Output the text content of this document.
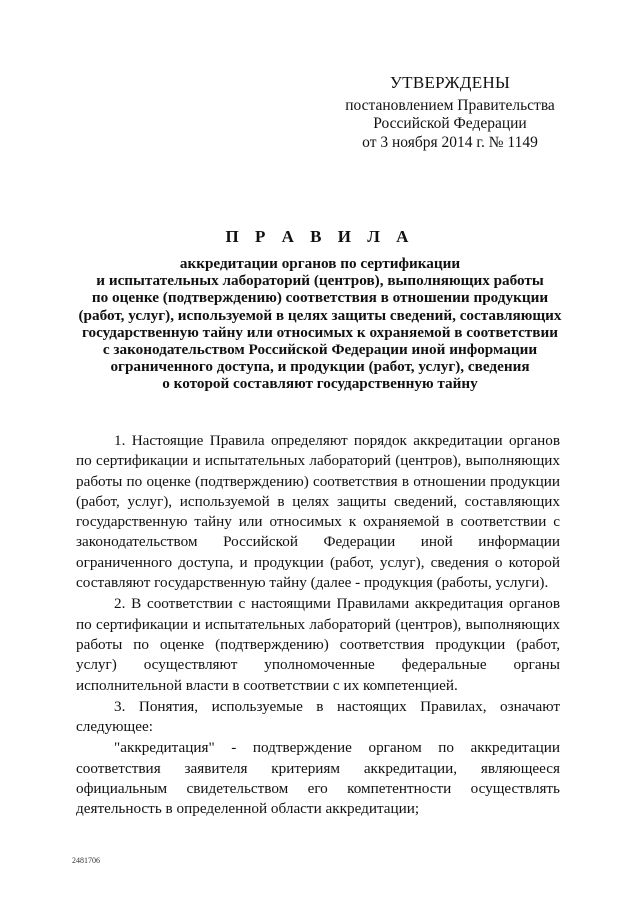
УТВЕРЖДЕНЫ
постановлением Правительства
Российской Федерации
от 3 ноября 2014 г. № 1149
П Р А В И Л А
аккредитации органов по сертификации
и испытательных лабораторий (центров), выполняющих работы
по оценке (подтверждению) соответствия в отношении продукции
(работ, услуг), используемой в целях защиты сведений, составляющих
государственную тайну или относимых к охраняемой в соответствии
с законодательством Российской Федерации иной информации
ограниченного доступа, и продукции (работ, услуг), сведения
о которой составляют государственную тайну

1. Настоящие Правила определяют порядок аккредитации органов по сертификации и испытательных лабораторий (центров), выполняющих работы по оценке (подтверждению) соответствия в отношении продукции (работ, услуг), используемой в целях защиты сведений, составляющих государственную тайну или относимых к охраняемой в соответствии с законодательством Российской Федерации иной информации ограниченного доступа, и продукции (работ, услуг), сведения о которой составляют государственную тайну (далее - продукция (работы, услуги).

2. В соответствии с настоящими Правилами аккредитация органов по сертификации и испытательных лабораторий (центров), выполняющих работы по оценке (подтверждению) соответствия продукции (работ, услуг) осуществляют уполномоченные федеральные органы исполнительной власти в соответствии с их компетенцией.

3. Понятия, используемые в настоящих Правилах, означают следующее:

"аккредитация" - подтверждение органом по аккредитации соответствия заявителя критериям аккредитации, являющееся официальным свидетельством его компетентности осуществлять деятельность в определенной области аккредитации;

2481706
